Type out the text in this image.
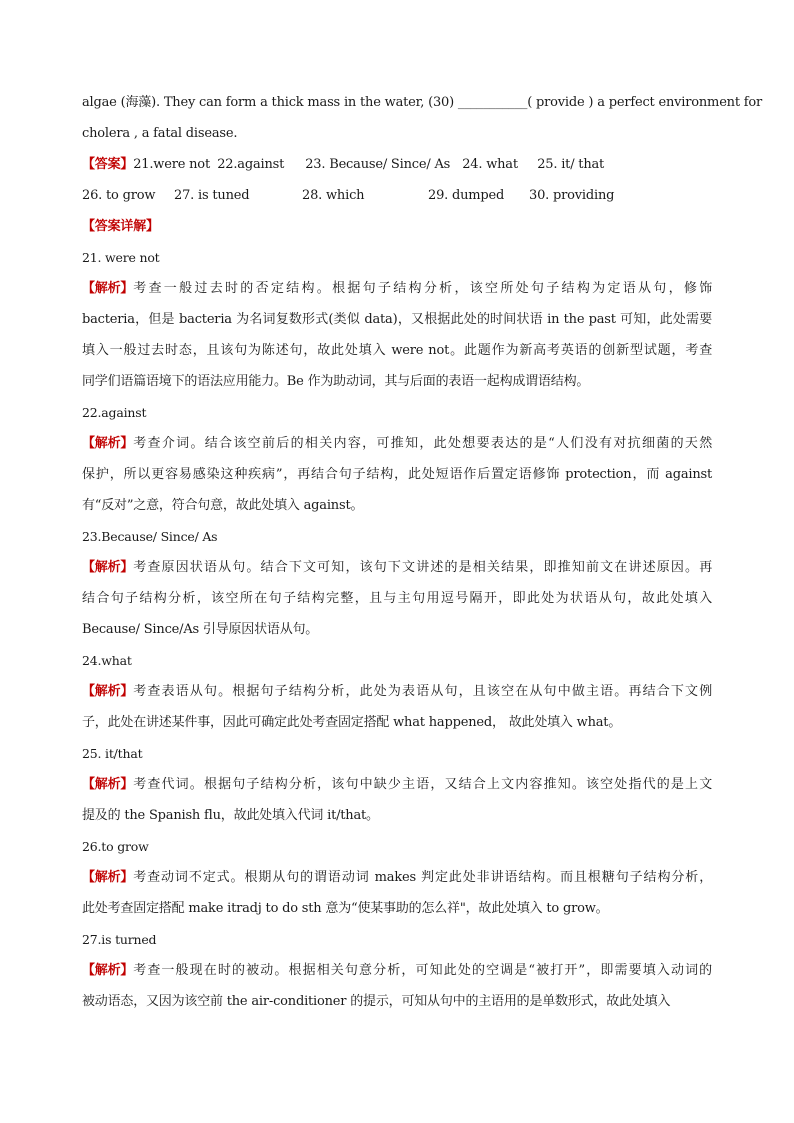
algae (海藻). They can form a thick mass in the water, (30) ___________( provide ) a perfect environment for
cholera , a fatal disease.
【答案】 21.were not 22.against	23. Because/ Since/ As 24. what	25. it/ that
26. to grow	27. is tuned	28. which	29. dumped	30. providing
【答案详解】
21. were not
【解析】 考查一般过去时的否定结构。根据句子结构分析，该空所处句子结构为定语从句，修饰
bacteria，但是 bacteria 为名词复数形式(类似 data)，又根据此处的时间状语 in the past 可知，此处需要
填入一般过去时态，且该句为陈述句，故此处填入 were not。此题作为新高考英语的创新型试题，考查
同学们语篇语境下的语法应用能力。Be 作为助动词，其与后面的表语一起构成谓语结构。
22.against
【解析】 考查介词。结合该空前后的相关内容，可推知，此处想要表达的是“人们没有对抗细菌的天然
保护，所以更容易感染这种疾病”，再结合句子结构，此处短语作后置定语修饰 protection，而 against
有“反对”之意，符合句意，故此处填入 against。
23.Because/ Since/ As
【解析】 考查原因状语从句。结合下文可知，该句下文讲述的是相关结果，即推知前文在讲述原因。再
结合句子结构分析，该空所在句子结构完整，且与主句用逗号隔开，即此处为状语从句，故此处填入
Because/ Since/As 引导原因状语从句。
24.what
【解析】 考查表语从句。根据句子结构分析，此处为表语从句，且该空在从句中做主语。再结合下文例
子，此处在讲述某件事，因此可确定此处考查固定搭配 what happened， 故此处填入 what。
25. it/that
【解析】 考查代词。根据句子结构分析，该句中缺少主语，又结合上文内容推知。该空处指代的是上文
提及的 the Spanish flu，故此处填入代词 it/that。
26.to grow
【解析】 考查动词不定式。根期从句的谓语动词 makes 判定此处非讲语结构。而且根糖句子结构分析，
此处考查固定搭配 make itradj to do sth 意为“使某事助的怎么祥"，故此处填入 to grow。
27.is turned
【解析】 考查一般现在时的被动。根据相关句意分析，可知此处的空调是“被打开”，即需要填入动词的
被动语态，又因为该空前 the air-conditioner 的提示，可知从句中的主语用的是单数形式，故此处填入
